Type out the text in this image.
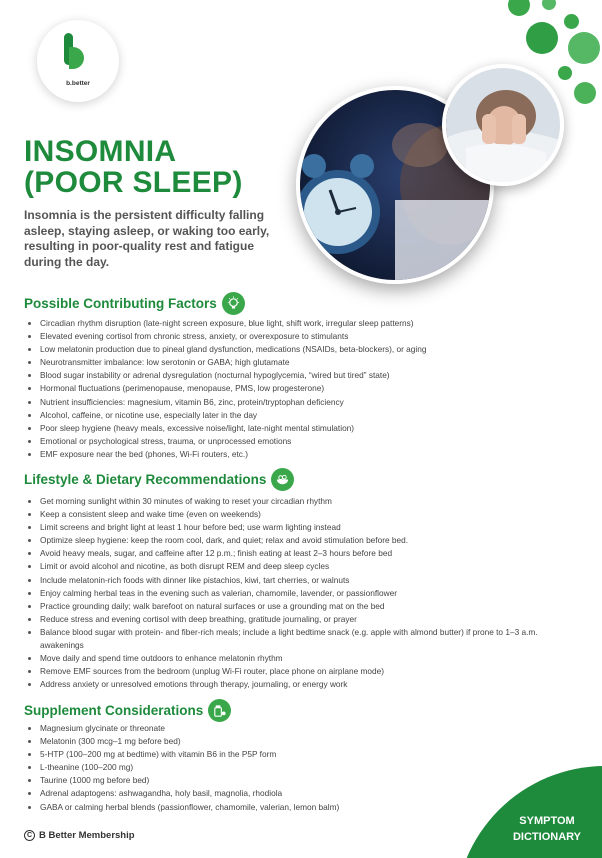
b.better
INSOMNIA
(POOR SLEEP)

Insomnia is the persistent difficulty falling asleep, staying asleep, or waking too early, resulting in poor-quality rest and fatigue during the day.

Possible Contributing Factors
Circadian rhythm disruption (late-night screen exposure, blue light, shift work, irregular sleep patterns)
Elevated evening cortisol from chronic stress, anxiety, or overexposure to stimulants
Low melatonin production due to pineal gland dysfunction, medications (NSAIDs, beta-blockers), or aging
Neurotransmitter imbalance: low serotonin or GABA; high glutamate
Blood sugar instability or adrenal dysregulation (nocturnal hypoglycemia, “wired but tired” state)
Hormonal fluctuations (perimenopause, menopause, PMS, low progesterone)
Nutrient insufficiencies: magnesium, vitamin B6, zinc, protein/tryptophan deficiency
Alcohol, caffeine, or nicotine use, especially later in the day
Poor sleep hygiene (heavy meals, excessive noise/light, late-night mental stimulation)
Emotional or psychological stress, trauma, or unprocessed emotions
EMF exposure near the bed (phones, Wi-Fi routers, etc.)
Lifestyle & Dietary Recommendations
Get morning sunlight within 30 minutes of waking to reset your circadian rhythm
Keep a consistent sleep and wake time (even on weekends)
Limit screens and bright light at least 1 hour before bed; use warm lighting instead
Optimize sleep hygiene: keep the room cool, dark, and quiet; relax and avoid stimulation before bed.
Avoid heavy meals, sugar, and caffeine after 12 p.m.; finish eating at least 2–3 hours before bed
Limit or avoid alcohol and nicotine, as both disrupt REM and deep sleep cycles
Include melatonin-rich foods with dinner like pistachios, kiwi, tart cherries, or walnuts
Enjoy calming herbal teas in the evening such as valerian, chamomile, lavender, or passionflower
Practice grounding daily; walk barefoot on natural surfaces or use a grounding mat on the bed
Reduce stress and evening cortisol with deep breathing, gratitude journaling, or prayer
Balance blood sugar with protein- and fiber-rich meals; include a light bedtime snack (e.g. apple with almond butter) if prone to 1–3 a.m. awakenings
Move daily and spend time outdoors to enhance melatonin rhythm
Remove EMF sources from the bedroom (unplug Wi-Fi router, place phone on airplane mode)
Address anxiety or unresolved emotions through therapy, journaling, or energy work
Supplement Considerations
Magnesium glycinate or threonate
Melatonin (300 mcg–1 mg before bed)
5-HTP (100–200 mg at bedtime) with vitamin B6 in the P5P form
L-theanine (100–200 mg)
Taurine (1000 mg before bed)
Adrenal adaptogens: ashwagandha, holy basil, magnolia, rhodiola
GABA or calming herbal blends (passionflower, chamomile, valerian, lemon balm)
C B Better Membership
SYMPTOM
DICTIONARY
